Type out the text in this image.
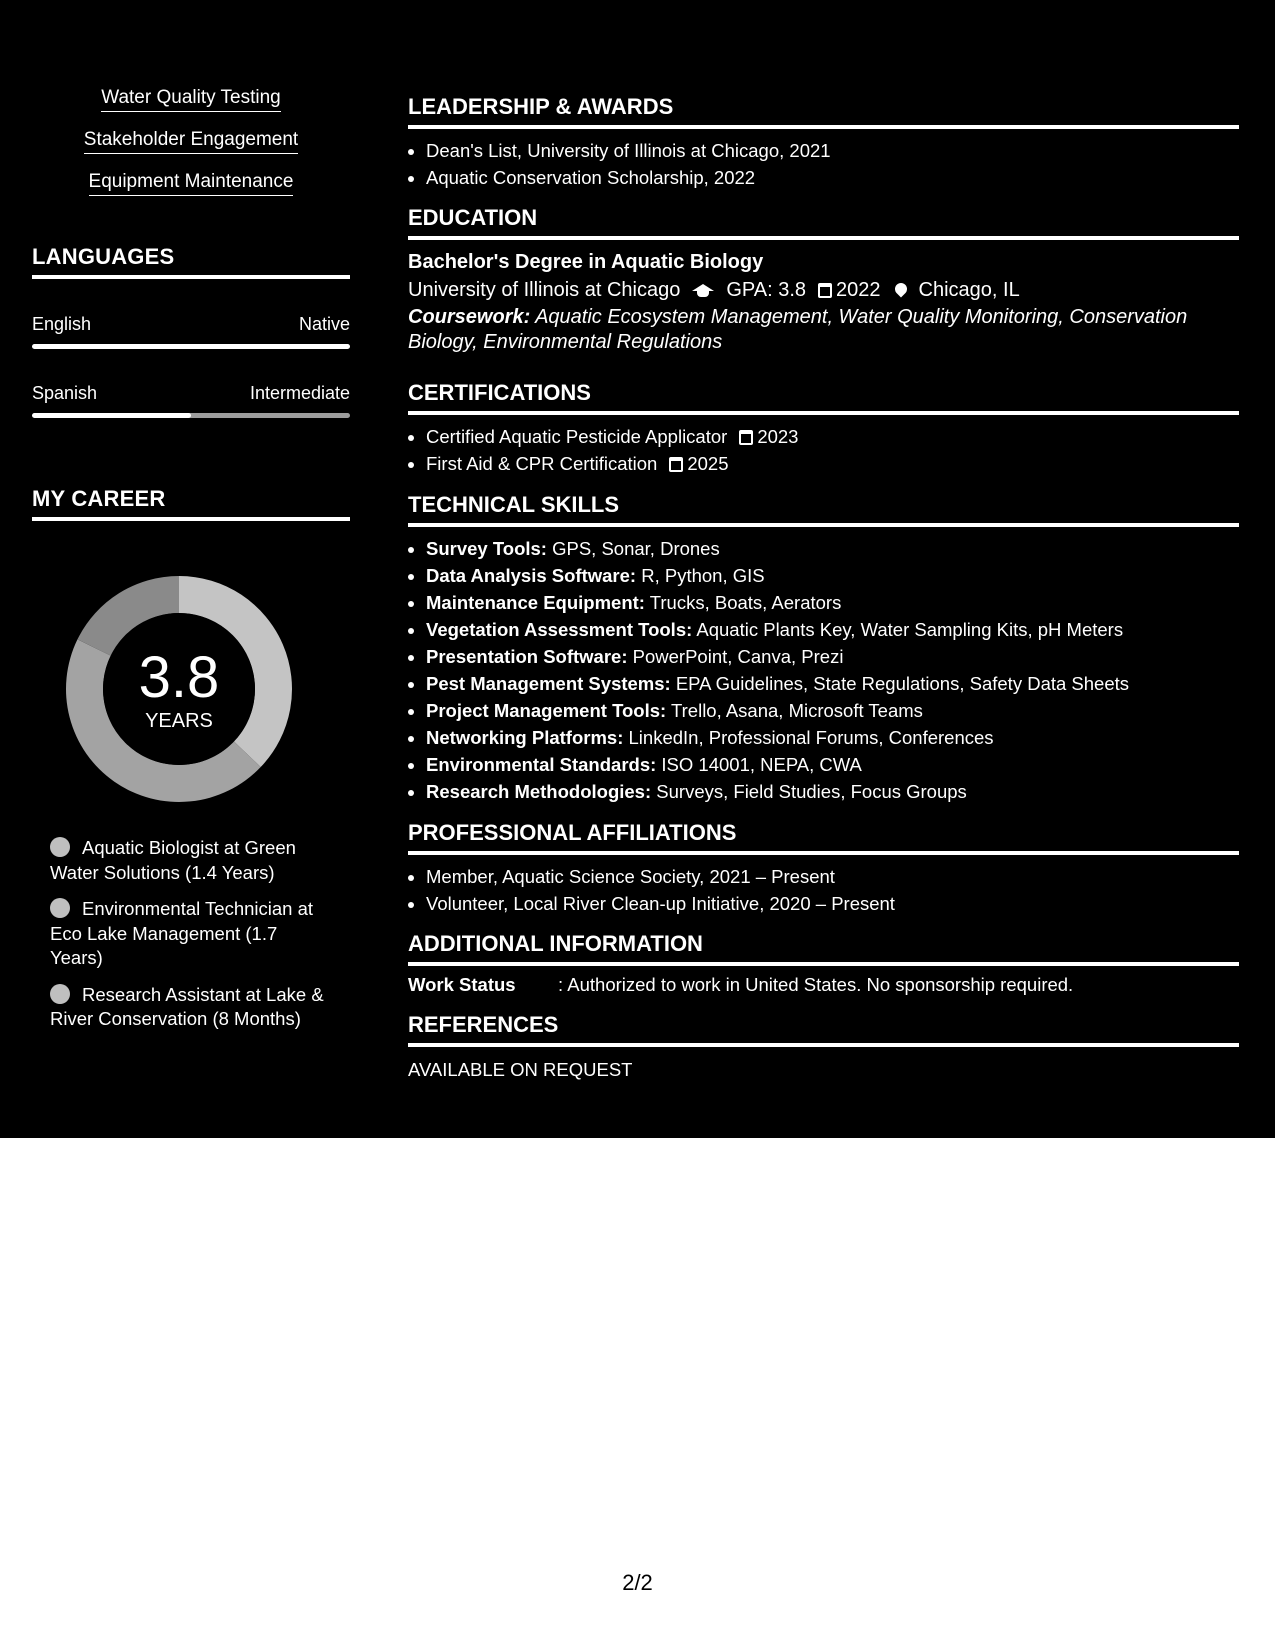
Water Quality Testing
Stakeholder Engagement
Equipment Maintenance
LANGUAGES
English	Native
Spanish	Intermediate
MY CAREER
3.8
YEARS
Aquatic Biologist at Green Water Solutions (1.4 Years)
Environmental Technician at Eco Lake Management (1.7 Years)
Research Assistant at Lake & River Conservation (8 Months)
LEADERSHIP & AWARDS
• Dean's List, University of Illinois at Chicago, 2021
• Aquatic Conservation Scholarship, 2022
EDUCATION
Bachelor's Degree in Aquatic Biology
University of Illinois at Chicago GPA: 3.8 2022 Chicago, IL
Coursework: Aquatic Ecosystem Management, Water Quality Monitoring, Conservation Biology, Environmental Regulations
CERTIFICATIONS
• Certified Aquatic Pesticide Applicator 2023
• First Aid & CPR Certification 2025
TECHNICAL SKILLS
• Survey Tools: GPS, Sonar, Drones
• Data Analysis Software: R, Python, GIS
• Maintenance Equipment: Trucks, Boats, Aerators
• Vegetation Assessment Tools: Aquatic Plants Key, Water Sampling Kits, pH Meters
• Presentation Software: PowerPoint, Canva, Prezi
• Pest Management Systems: EPA Guidelines, State Regulations, Safety Data Sheets
• Project Management Tools: Trello, Asana, Microsoft Teams
• Networking Platforms: LinkedIn, Professional Forums, Conferences
• Environmental Standards: ISO 14001, NEPA, CWA
• Research Methodologies: Surveys, Field Studies, Focus Groups
PROFESSIONAL AFFILIATIONS
• Member, Aquatic Science Society, 2021 – Present
• Volunteer, Local River Clean-up Initiative, 2020 – Present
ADDITIONAL INFORMATION
Work Status : Authorized to work in United States. No sponsorship required.
REFERENCES
AVAILABLE ON REQUEST
2/2
